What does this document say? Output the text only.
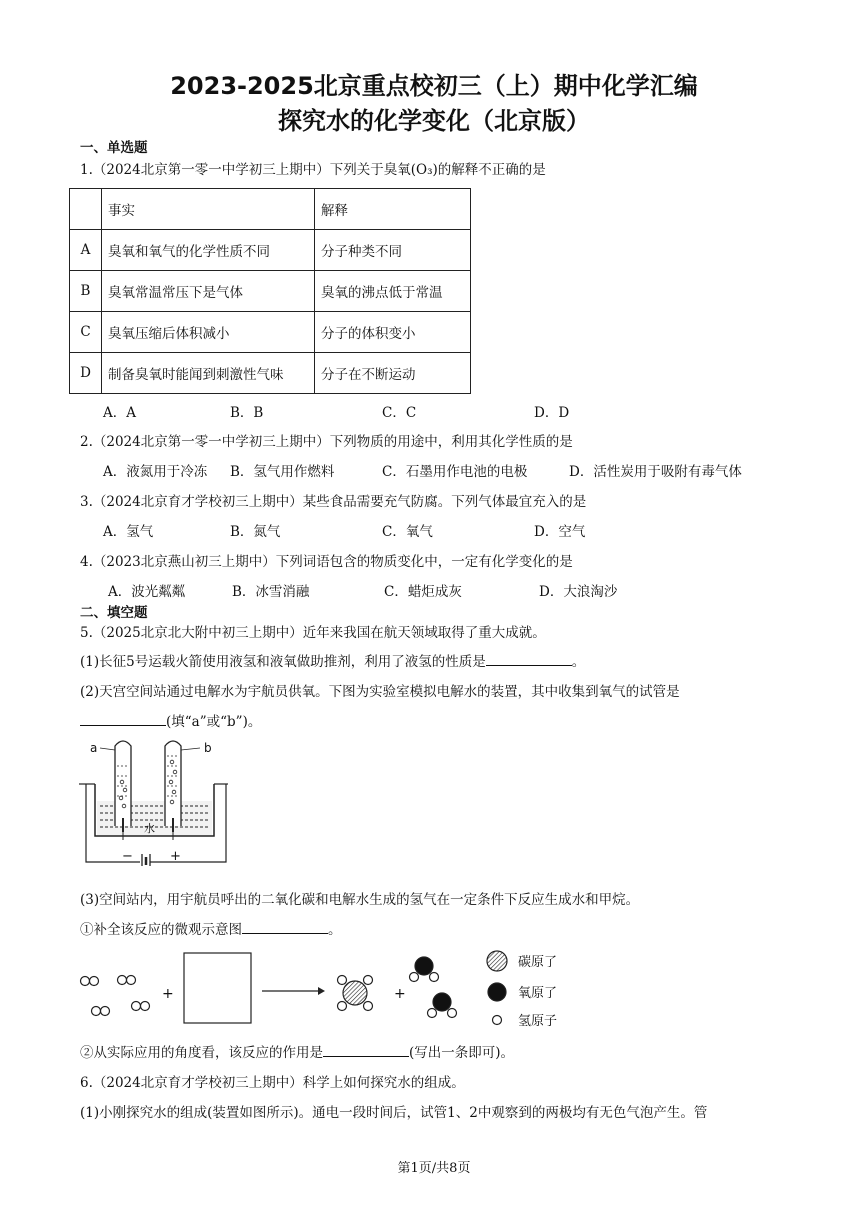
2023-2025北京重点校初三（上）期中化学汇编
探究水的化学变化（北京版）
一、单选题
1.（2024北京第一零一中学初三上期中）下列关于臭氧(O₃)的解释不正确的是
	事实	解释
A	臭氧和氧气的化学性质不同	分子种类不同
B	臭氧常温常压下是气体	臭氧的沸点低于常温
C	臭氧压缩后体积减小	分子的体积变小
D	制备臭氧时能闻到刺激性气味	分子在不断运动
A．A	B．B	C．C	D．D
2.（2024北京第一零一中学初三上期中）下列物质的用途中，利用其化学性质的是
A．液氮用于冷冻 B．氢气用作燃料	C．石墨用作电池的电极	D．活性炭用于吸附有毒气体
3.（2024北京育才学校初三上期中）某些食品需要充气防腐。下列气体最宜充入的是
A．氢气	B．氮气	C．氧气	D．空气
4.（2023北京燕山初三上期中）下列词语包含的物质变化中，一定有化学变化的是
A．波光粼粼	B．冰雪消融	C．蜡炬成灰	D．大浪淘沙
二、填空题
5.（2025北京北大附中初三上期中）近年来我国在航天领域取得了重大成就。
(1)长征5号运载火箭使用液氢和液氧做助推剂，利用了液氢的性质是	。
(2)天宫空间站通过电解水为宇航员供氧。下图为实验室模拟电解水的装置，其中收集到氧气的试管是
(填“a”或“b”)。
a	b
水
−	+
(3)空间站内，用宇航员呼出的二氧化碳和电解水生成的氢气在一定条件下反应生成水和甲烷。
①补全该反应的微观示意图	。
+	+
碳原了
氧原了
氢原子
②从实际应用的角度看，该反应的作用是	(写出一条即可)。
6.（2024北京育才学校初三上期中）科学上如何探究水的组成。
(1)小刚探究水的组成(装置如图所示)。通电一段时间后，试管1、2中观察到的两极均有无色气泡产生。管
第1页/共8页
